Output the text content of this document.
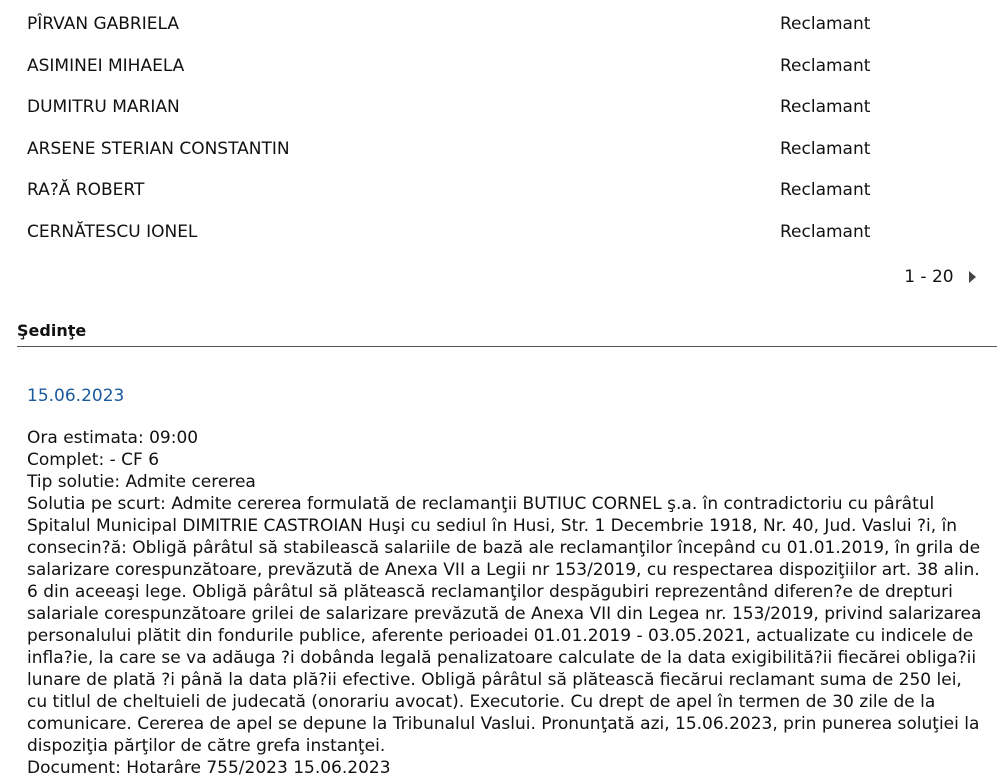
PÎRVAN GABRIELA	Reclamant
ASIMINEI MIHAELA	Reclamant
DUMITRU MARIAN	Reclamant
ARSENE STERIAN CONSTANTIN	Reclamant
RA?Ă ROBERT	Reclamant
CERNĂTESCU IONEL	Reclamant
1 - 20
Şedinţe
15.06.2023
Ora estimata: 09:00
Complet: - CF 6
Tip solutie: Admite cererea
Solutia pe scurt: Admite cererea formulată de reclamanţii BUTIUC CORNEL ş.a. în contradictoriu cu pârâtul Spitalul Municipal DIMITRIE CASTROIAN Huşi cu sediul în Husi, Str. 1 Decembrie 1918, Nr. 40, Jud. Vaslui ?i, în consecin?ă: Obligă pârâtul să stabilească salariile de bază ale reclamanţilor începând cu 01.01.2019, în grila de salarizare corespunzătoare, prevăzută de Anexa VII a Legii nr 153/2019, cu respectarea dispoziţiilor art. 38 alin. 6 din aceeaşi lege. Obligă pârâtul să plătească reclamanţilor despăgubiri reprezentând diferen?e de drepturi salariale corespunzătoare grilei de salarizare prevăzută de Anexa VII din Legea nr. 153/2019, privind salarizarea personalului plătit din fondurile publice, aferente perioadei 01.01.2019 - 03.05.2021, actualizate cu indicele de infla?ie, la care se va adăuga ?i dobânda legală penalizatoare calculate de la data exigibilită?ii fiecărei obliga?ii lunare de plată ?i până la data plă?ii efective. Obligă pârâtul să plătească fiecărui reclamant suma de 250 lei, cu titlul de cheltuieli de judecată (onorariu avocat). Executorie. Cu drept de apel în termen de 30 zile de la comunicare. Cererea de apel se depune la Tribunalul Vaslui. Pronunţată azi, 15.06.2023, prin punerea soluţiei la dispoziţia părţilor de către grefa instanţei.
Document: Hotarâre 755/2023 15.06.2023
